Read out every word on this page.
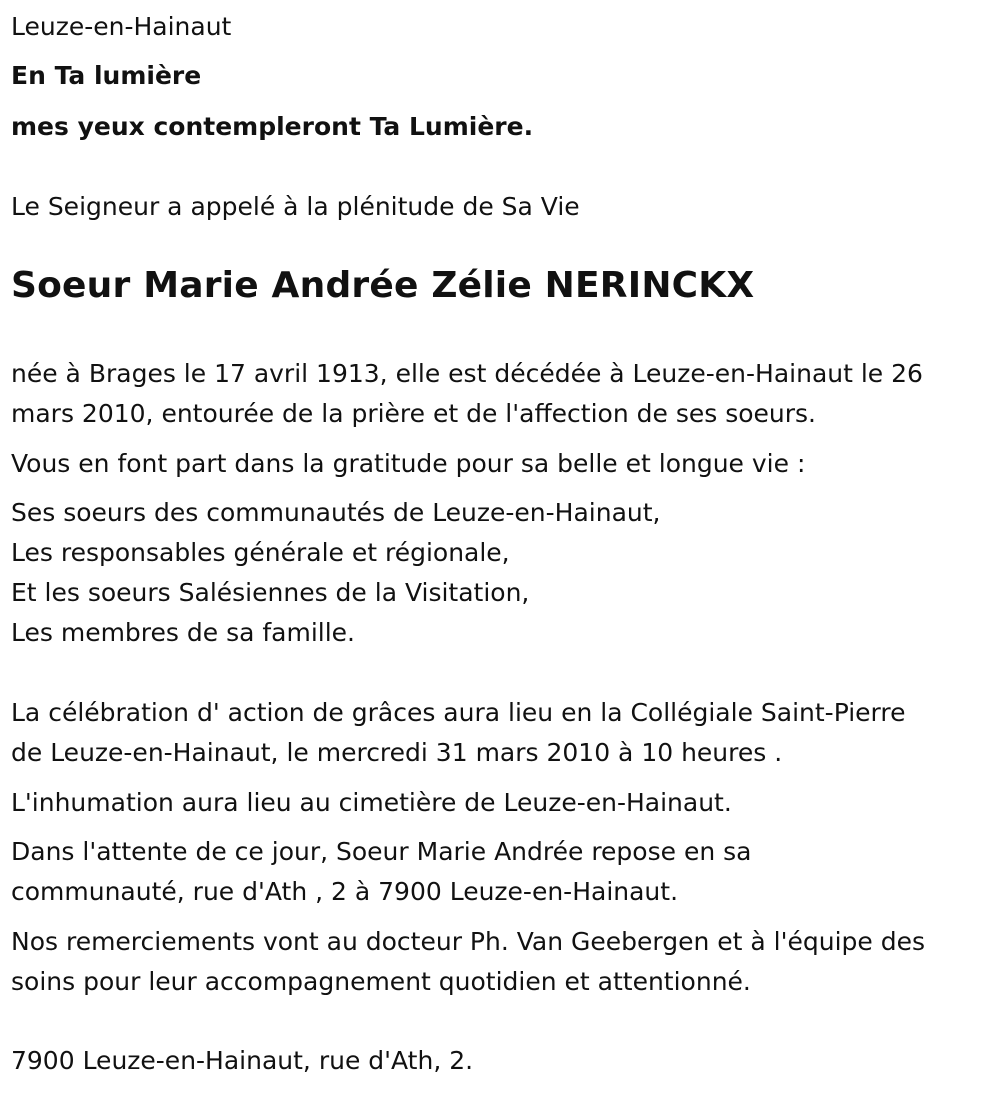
Leuze-en-Hainaut
En Ta lumière
mes yeux contempleront Ta Lumière.
Le Seigneur a appelé à la plénitude de Sa Vie
Soeur Marie Andrée Zélie NERINCKX
née à Brages le 17 avril 1913, elle est décédée à Leuze-en-Hainaut le 26
mars 2010, entourée de la prière et de l'affection de ses soeurs.
Vous en font part dans la gratitude pour sa belle et longue vie :
Ses soeurs des communautés de Leuze-en-Hainaut,
Les responsables générale et régionale,
Et les soeurs Salésiennes de la Visitation,
Les membres de sa famille.
La célébration d' action de grâces aura lieu en la Collégiale Saint-Pierre
de Leuze-en-Hainaut, le mercredi 31 mars 2010 à 10 heures .
L'inhumation aura lieu au cimetière de Leuze-en-Hainaut.
Dans l'attente de ce jour, Soeur Marie Andrée repose en sa
communauté, rue d'Ath , 2 à 7900 Leuze-en-Hainaut.
Nos remerciements vont au docteur Ph. Van Geebergen et à l'équipe des
soins pour leur accompagnement quotidien et attentionné.
7900 Leuze-en-Hainaut, rue d'Ath, 2.
